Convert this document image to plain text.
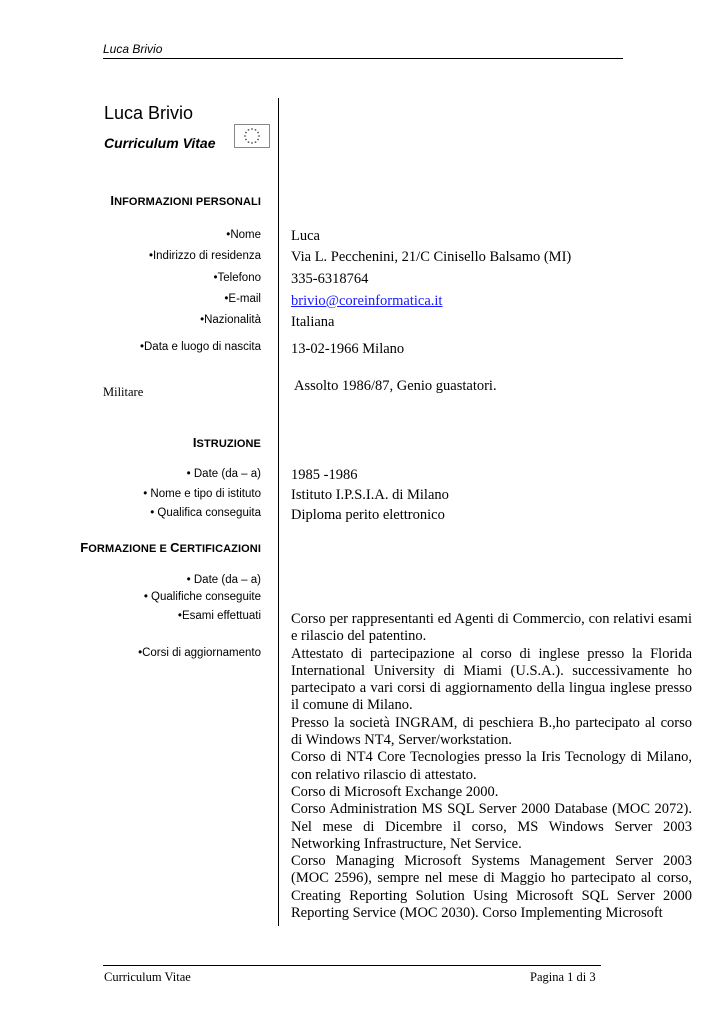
Luca Brivio
Luca Brivio
Curriculum Vitae
INFORMAZIONI PERSONALI
•Nome Luca
•Indirizzo di residenza Via L. Pecchenini, 21/C Cinisello Balsamo (MI)
•Telefono 335-6318764
•E-mail brivio@coreinformatica.it
•Nazionalità Italiana
•Data e luogo di nascita 13-02-1966 Milano
Militare	Assolto 1986/87, Genio guastatori.
ISTRUZIONE
• Date (da – a) 1985 -1986
• Nome e tipo di istituto Istituto I.P.S.I.A. di Milano
• Qualifica conseguita Diploma perito elettronico
FORMAZIONE E CERTIFICAZIONI
• Date (da – a)
• Qualifiche conseguite
•Esami effettuati
•Corsi di aggiornamento

Corso per rappresentanti ed Agenti di Commercio, con relativi esami e rilascio del patentino.

Attestato di partecipazione al corso di inglese presso la Florida International University di Miami (U.S.A.). successivamente ho partecipato a vari corsi di aggiornamento della lingua inglese presso il comune di Milano.

Presso la società INGRAM, di peschiera B.,ho partecipato al corso di Windows NT4, Server/workstation.

Corso di NT4 Core Tecnologies presso la Iris Tecnology di Milano, con relativo rilascio di attestato.

Corso di Microsoft Exchange 2000.

Corso Administration MS SQL Server 2000 Database (MOC 2072). Nel mese di Dicembre il corso, MS Windows Server 2003 Networking Infrastructure, Net Service.

Corso Managing Microsoft Systems Management Server 2003 (MOC 2596), sempre nel mese di Maggio ho partecipato al corso, Creating Reporting Solution Using Microsoft SQL Server 2000 Reporting Service (MOC 2030). Corso Implementing Microsoft

Curriculum Vitae	Pagina 1 di 3
